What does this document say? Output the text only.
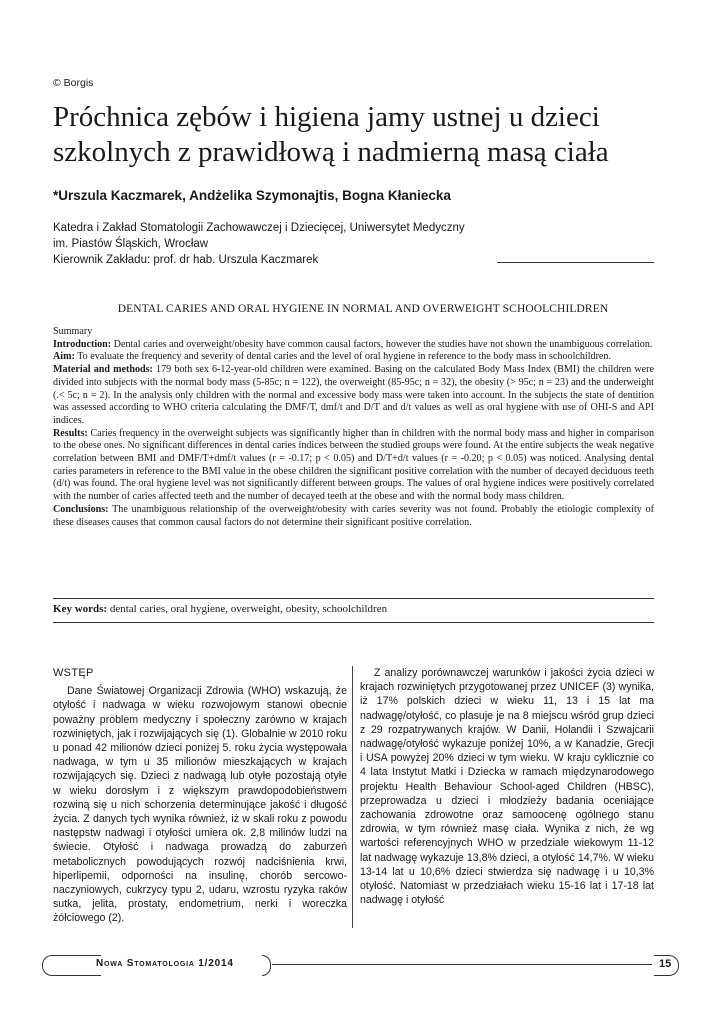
© Borgis
Próchnica zębów i higiena jamy ustnej u dzieci
szkolnych z prawidłową i nadmierną masą ciała
*Urszula Kaczmarek, Andżelika Szymonajtis, Bogna Kłaniecka
Katedra i Zakład Stomatologii Zachowawczej i Dziecięcej, Uniwersytet Medyczny
im. Piastów Śląskich, Wrocław
Kierownik Zakładu: prof. dr hab. Urszula Kaczmarek
DENTAL CARIES AND ORAL HYGIENE IN NORMAL AND OVERWEIGHT SCHOOLCHILDREN

Summary

Introduction: Dental caries and overweight/obesity have common causal factors, however the studies have not shown the unambiguous correlation.

Aim: To evaluate the frequency and severity of dental caries and the level of oral hygiene in reference to the body mass in schoolchildren.

Material and methods: 179 both sex 6-12-year-old children were examined. Basing on the calculated Body Mass Index (BMI) the children were divided into subjects with the normal body mass (5-85c; n = 122), the overweight (85-95c; n = 32), the obesity (> 95c; n = 23) and the underweight (.< 5c; n = 2). In the analysis only children with the normal and excessive body mass were taken into account. In the subjects the state of dentition was assessed according to WHO criteria calculating the DMF/T, dmf/t and D/T and d/t values as well as oral hygiene with use of OHI-S and API indices.

Results: Caries frequency in the overweight subjects was significantly higher than in children with the normal body mass and higher in comparison to the obese ones. No significant differences in dental caries indices between the studied groups were found. At the entire subjects the weak negative correlation between BMI and DMF/T+dmf/t values (r = -0.17; p < 0.05) and D/T+d/t values (r = -0.20; p < 0.05) was noticed. Analysing dental caries parameters in reference to the BMI value in the obese children the significant positive correlation with the number of decayed deciduous teeth (d/t) was found. The oral hygiene level was not significantly different between groups. The values of oral hygiene indices were positively correlated with the number of caries affected teeth and the number of decayed teeth at the obese and with the normal body mass children.

Conclusions: The unambiguous relationship of the overweight/obesity with caries severity was not found. Probably the etiologic complexity of these diseases causes that common causal factors do not determine their significant positive correlation.

Key words: dental caries, oral hygiene, overweight, obesity, schoolchildren
WSTĘP

Dane Światowej Organizacji Zdrowia (WHO) wskazują, że otyłość i nadwaga w wieku rozwojowym stanowi obecnie poważny problem medyczny i społeczny zarówno w krajach rozwiniętych, jak i rozwijających się (1). Globalnie w 2010 roku u ponad 42 milionów dzieci poniżej 5. roku życia występowała nadwaga, w tym u 35 milionów mieszkających w krajach rozwijających się. Dzieci z nadwagą lub otyłe pozostają otyłe w wieku dorosłym i z większym prawdopodobieństwem rozwiną się u nich schorzenia determinujące jakość i długość życia. Z danych tych wynika również, iż w skali roku z powodu następstw nadwagi i otyłości umiera ok. 2,8 milinów ludzi na świecie. Otyłość i nadwaga prowadzą do zaburzeń metabolicznych powodujących rozwój nadciśnienia krwi, hiperlipemii, odporności na insulinę, chorób sercowo-naczyniowych, cukrzycy typu 2, udaru, wzrostu ryzyka raków sutka, jelita, prostaty, endometrium, nerki i woreczka żółciowego (2).

Z analizy porównawczej warunków i jakości życia dzieci w krajach rozwiniętych przygotowanej przez UNICEF (3) wynika, iż 17% polskich dzieci w wieku 11, 13 i 15 lat ma nadwagę/otyłość, co plasuje je na 8 miejscu wśród grup dzieci z 29 rozpatrywanych krajów. W Danii, Holandii i Szwajcarii nadwagę/otyłość wykazuje poniżej 10%, a w Kanadzie, Grecji i USA powyżej 20% dzieci w tym wieku. W kraju cyklicznie co 4 lata Instytut Matki i Dziecka w ramach międzynarodowego projektu Health Behaviour School-aged Children (HBSC), przeprowadza u dzieci i młodzieży badania oceniające zachowania zdrowotne oraz samoocenę ogólnego stanu zdrowia, w tym również masę ciała. Wynika z nich, że wg wartości referencyjnych WHO w przedziale wiekowym 11-12 lat nadwagę wykazuje 13,8% dzieci, a otyłość 14,7%. W wieku 13-14 lat u 10,6% dzieci stwierdza się nadwagę i u 10,3% otyłość. Natomiast w przedziałach wieku 15-16 lat i 17-18 lat nadwagę i otyłość

Nowa Stomatologia 1/2014	15
